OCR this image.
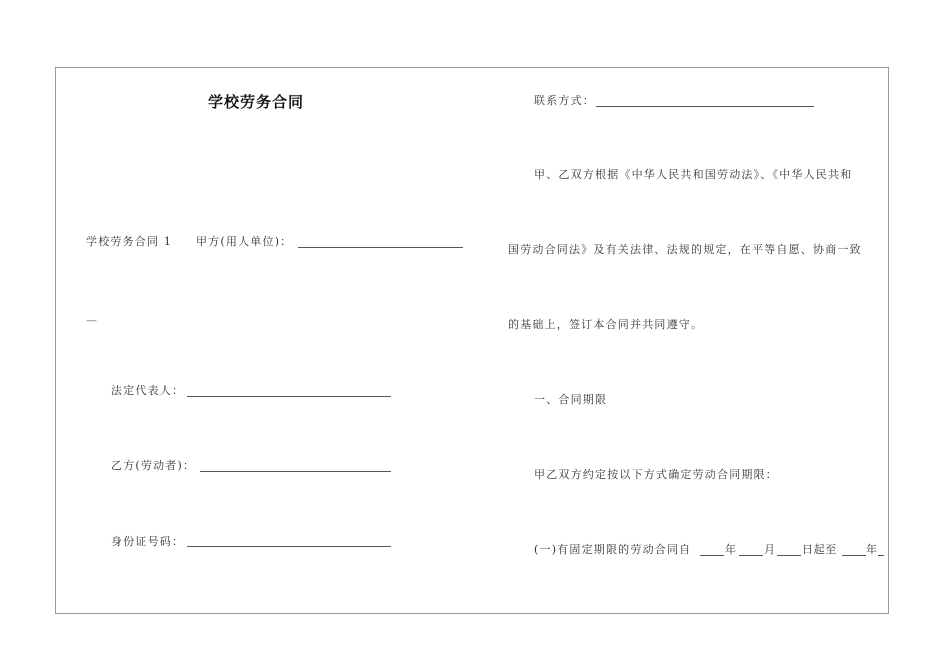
学校劳务合同
学校劳务合同 1 甲方(用人单位)：
—
法定代表人：
乙方(劳动者)：
身份证号码：
联系方式：
甲、乙双方根据《中华人民共和国劳动法》、《中华人民共和
国劳动合同法》及有关法律、法规的规定，在平等自愿、协商一致
的基础上，签订本合同并共同遵守。
一、合同期限
甲乙双方约定按以下方式确定劳动合同期限：
(一)有固定期限的劳动合同自	年 月 日起至	年
